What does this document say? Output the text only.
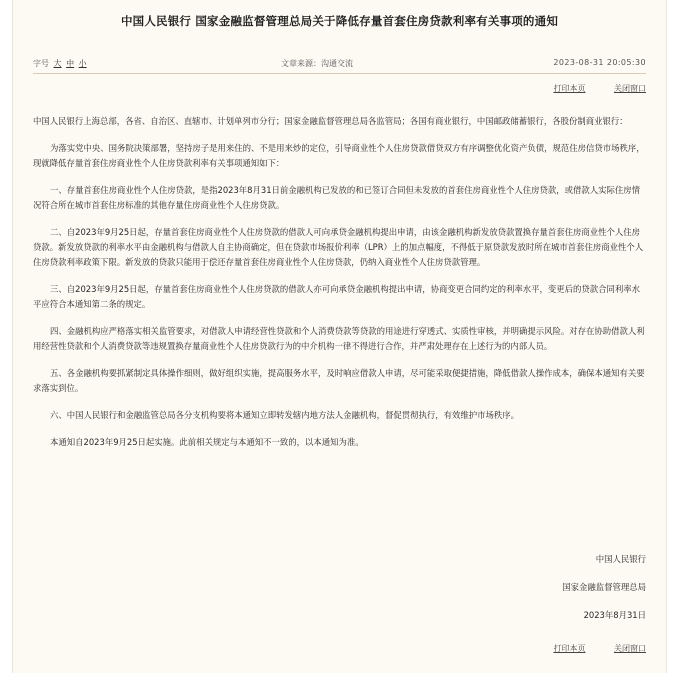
中国人民银行 国家金融监督管理总局关于降低存量首套住房贷款利率有关事项的通知
字号 大 中 小	文章来源：沟通交流	2023-08-31 20:05:30
打印本页	关闭窗口

中国人民银行上海总部，各省、自治区、直辖市、计划单列市分行；国家金融监督管理总局各监管局；各国有商业银行，中国邮政储蓄银行，各股份制商业银行：

为落实党中央、国务院决策部署，坚持房子是用来住的、不是用来炒的定位，引导商业性个人住房贷款借贷双方有序调整优化资产负债，规范住房信贷市场秩序，现就降低存量首套住房商业性个人住房贷款利率有关事项通知如下：

一、存量首套住房商业性个人住房贷款，是指2023年8月31日前金融机构已发放的和已签订合同但未发放的首套住房商业性个人住房贷款，或借款人实际住房情况符合所在城市首套住房标准的其他存量住房商业性个人住房贷款。

二、自2023年9月25日起，存量首套住房商业性个人住房贷款的借款人可向承贷金融机构提出申请，由该金融机构新发放贷款置换存量首套住房商业性个人住房贷款。新发放贷款的利率水平由金融机构与借款人自主协商确定，但在贷款市场报价利率（LPR）上的加点幅度，不得低于原贷款发放时所在城市首套住房商业性个人住房贷款利率政策下限。新发放的贷款只能用于偿还存量首套住房商业性个人住房贷款，仍纳入商业性个人住房贷款管理。

三、自2023年9月25日起，存量首套住房商业性个人住房贷款的借款人亦可向承贷金融机构提出申请，协商变更合同约定的利率水平，变更后的贷款合同利率水平应符合本通知第二条的规定。

四、金融机构应严格落实相关监管要求，对借款人申请经营性贷款和个人消费贷款等贷款的用途进行穿透式、实质性审核，并明确提示风险。对存在协助借款人利用经营性贷款和个人消费贷款等违规置换存量商业性个人住房贷款行为的中介机构一律不得进行合作，并严肃处理存在上述行为的内部人员。

五、各金融机构要抓紧制定具体操作细则，做好组织实施，提高服务水平，及时响应借款人申请，尽可能采取便捷措施，降低借款人操作成本，确保本通知有关要求落实到位。

六、中国人民银行和金融监管总局各分支机构要将本通知立即转发辖内地方法人金融机构，督促贯彻执行，有效维护市场秩序。

本通知自2023年9月25日起实施。此前相关规定与本通知不一致的，以本通知为准。

中国人民银行
国家金融监督管理总局
2023年8月31日
打印本页	关闭窗口
